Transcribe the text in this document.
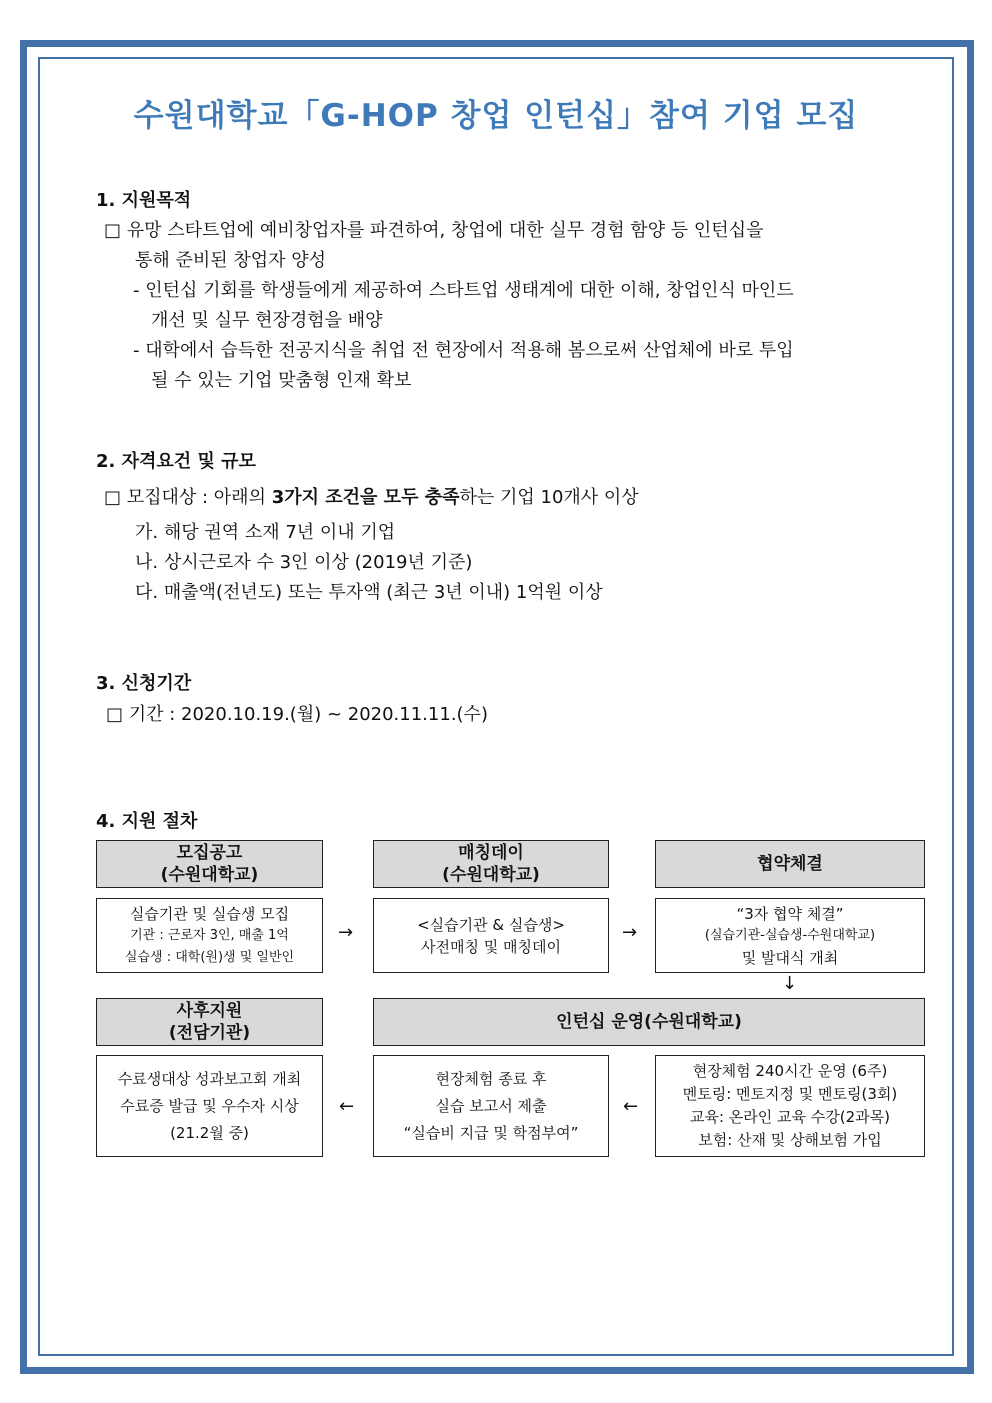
수원대학교「G-HOP 창업 인턴십」참여 기업 모집
1. 지원목적
□ 유망 스타트업에 예비창업자를 파견하여, 창업에 대한 실무 경험 함양 등 인턴십을
통해 준비된 창업자 양성
- 인턴십 기회를 학생들에게 제공하여 스타트업 생태계에 대한 이해, 창업인식 마인드
개선 및 실무 현장경험을 배양
- 대학에서 습득한 전공지식을 취업 전 현장에서 적용해 봄으로써 산업체에 바로 투입
될 수 있는 기업 맞춤형 인재 확보
2. 자격요건 및 규모
□ 모집대상 : 아래의 3가지 조건을 모두 충족하는 기업 10개사 이상
가. 해당 권역 소재 7년 이내 기업
나. 상시근로자 수 3인 이상 (2019년 기준)
다. 매출액(전년도) 또는 투자액 (최근 3년 이내) 1억원 이상
3. 신청기간
□ 기간 : 2020.10.19.(월) ~ 2020.11.11.(수)
4. 지원 절차
모집공고
(수원대학교)
매칭데이
(수원대학교)
협약체결
실습기관 및 실습생 모집
기관 : 근로자 3인, 매출 1억
실습생 : 대학(원)생 및 일반인
→	<실습기관 & 실습생>
사전매칭 및 매칭데이
→
“3자 협약 체결”
(실습기관-실습생-수원대학교)
및 발대식 개최
↓
사후지원
(전담기관)
인턴십 운영(수원대학교)
수료생대상 성과보고회 개최
수료증 발급 및 우수자 시상
(21.2월 중)
←
현장체험 종료 후
실습 보고서 제출
“실습비 지급 및 학점부여”
←
현장체험 240시간 운영 (6주)
멘토링: 멘토지정 및 멘토링(3회)
교육: 온라인 교육 수강(2과목)
보험: 산재 및 상해보험 가입
